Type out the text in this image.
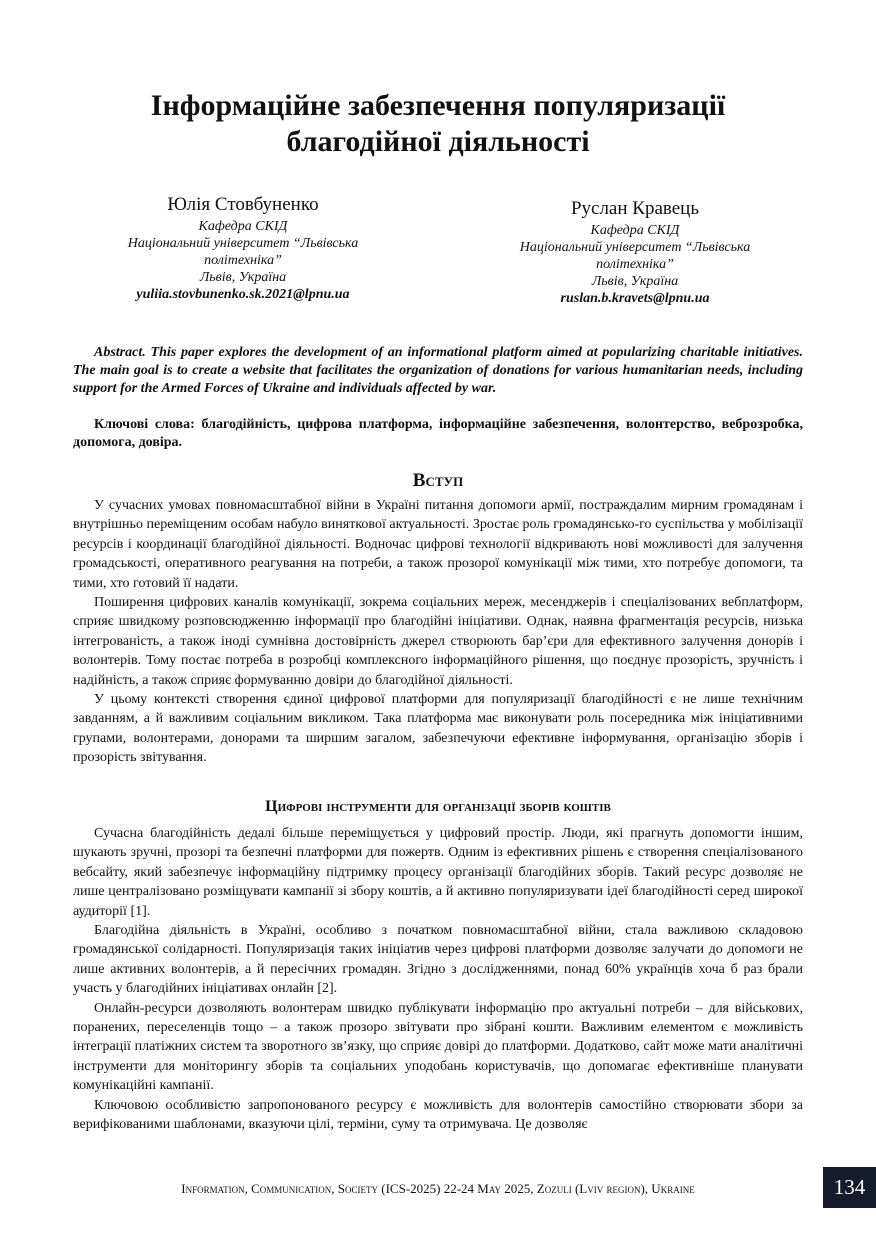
Інформаційне забезпечення популяризації
благодійної діяльності
Юлія Стовбуненко
Кафедра СКІД
Національний університет “Львівська
політехніка”
Львів, Україна
yuliia.stovbunenko.sk.2021@lpnu.ua
Руслан Кравець
Кафедра СКІД
Національний університет “Львівська
політехніка”
Львів, Україна
ruslan.b.kravets@lpnu.ua
Abstract. This paper explores the development of an informational platform aimed at popularizing charitable initiatives. The main goal is to create a website that facilitates the organization of donations for various humanitarian needs, including support for the Armed Forces of Ukraine and individuals affected by war.
Ключові слова: благодійність, цифрова платформа, інформаційне забезпечення, волонтерство, веброзробка, допомога, довіра.
Вступ

У сучасних умовах повномасштабної війни в Україні питання допомоги армії, постраждалим мирним громадянам і внутрішньо переміщеним особам набуло виняткової актуальності. Зростає роль громадянсько-го суспільства у мобілізації ресурсів і координації благодійної діяльності. Водночас цифрові технології відкривають нові можливості для залучення громадськості, оперативного реагування на потреби, а також прозорої комунікації між тими, хто потребує допомоги, та тими, хто готовий її надати.

Поширення цифрових каналів комунікації, зокрема соціальних мереж, месенджерів і спеціалізованих вебплатформ, сприяє швидкому розповсюдженню інформації про благодійні ініціативи. Однак, наявна фрагментація ресурсів, низька інтегрованість, а також іноді сумнівна достовірність джерел створюють бар’єри для ефективного залучення донорів і волонтерів. Тому постає потреба в розробці комплексного інформаційного рішення, що поєднує прозорість, зручність і надійність, а також сприяє формуванню довіри до благодійної діяльності.

У цьому контексті створення єдиної цифрової платформи для популяризації благодійності є не лише технічним завданням, а й важливим соціальним викликом. Така платформа має виконувати роль посередника між ініціативними групами, волонтерами, донорами та ширшим загалом, забезпечуючи ефективне інформування, організацію зборів і прозорість звітування.

Цифрові інструменти для організації зборів коштів

Сучасна благодійність дедалі більше переміщується у цифровий простір. Люди, які прагнуть допомогти іншим, шукають зручні, прозорі та безпечні платформи для пожертв. Одним із ефективних рішень є створення спеціалізованого вебсайту, який забезпечує інформаційну підтримку процесу організації благодійних зборів. Такий ресурс дозволяє не лише централізовано розміщувати кампанії зі збору коштів, а й активно популяризувати ідеї благодійності серед широкої аудиторії [1].

Благодійна діяльність в Україні, особливо з початком повномасштабної війни, стала важливою складовою громадянської солідарності. Популяризація таких ініціатив через цифрові платформи дозволяє залучати до допомоги не лише активних волонтерів, а й пересічних громадян. Згідно з дослідженнями, понад 60% українців хоча б раз брали участь у благодійних ініціативах онлайн [2].

Онлайн-ресурси дозволяють волонтерам швидко публікувати інформацію про актуальні потреби – для військових, поранених, переселенців тощо – а також прозоро звітувати про зібрані кошти. Важливим елементом є можливість інтеграції платіжних систем та зворотного зв’язку, що сприяє довірі до платформи. Додатково, сайт може мати аналітичні інструменти для моніторингу зборів та соціальних уподобань користувачів, що допомагає ефективніше планувати комунікаційні кампанії.

Ключовою особливістю запропонованого ресурсу є можливість для волонтерів самостійно створювати збори за верифікованими шаблонами, вказуючи цілі, терміни, суму та отримувача. Це дозволяє

Information, Communication, Society (ICS-2025) 22-24 May 2025, Zozuli (Lviv region), Ukraine	134
